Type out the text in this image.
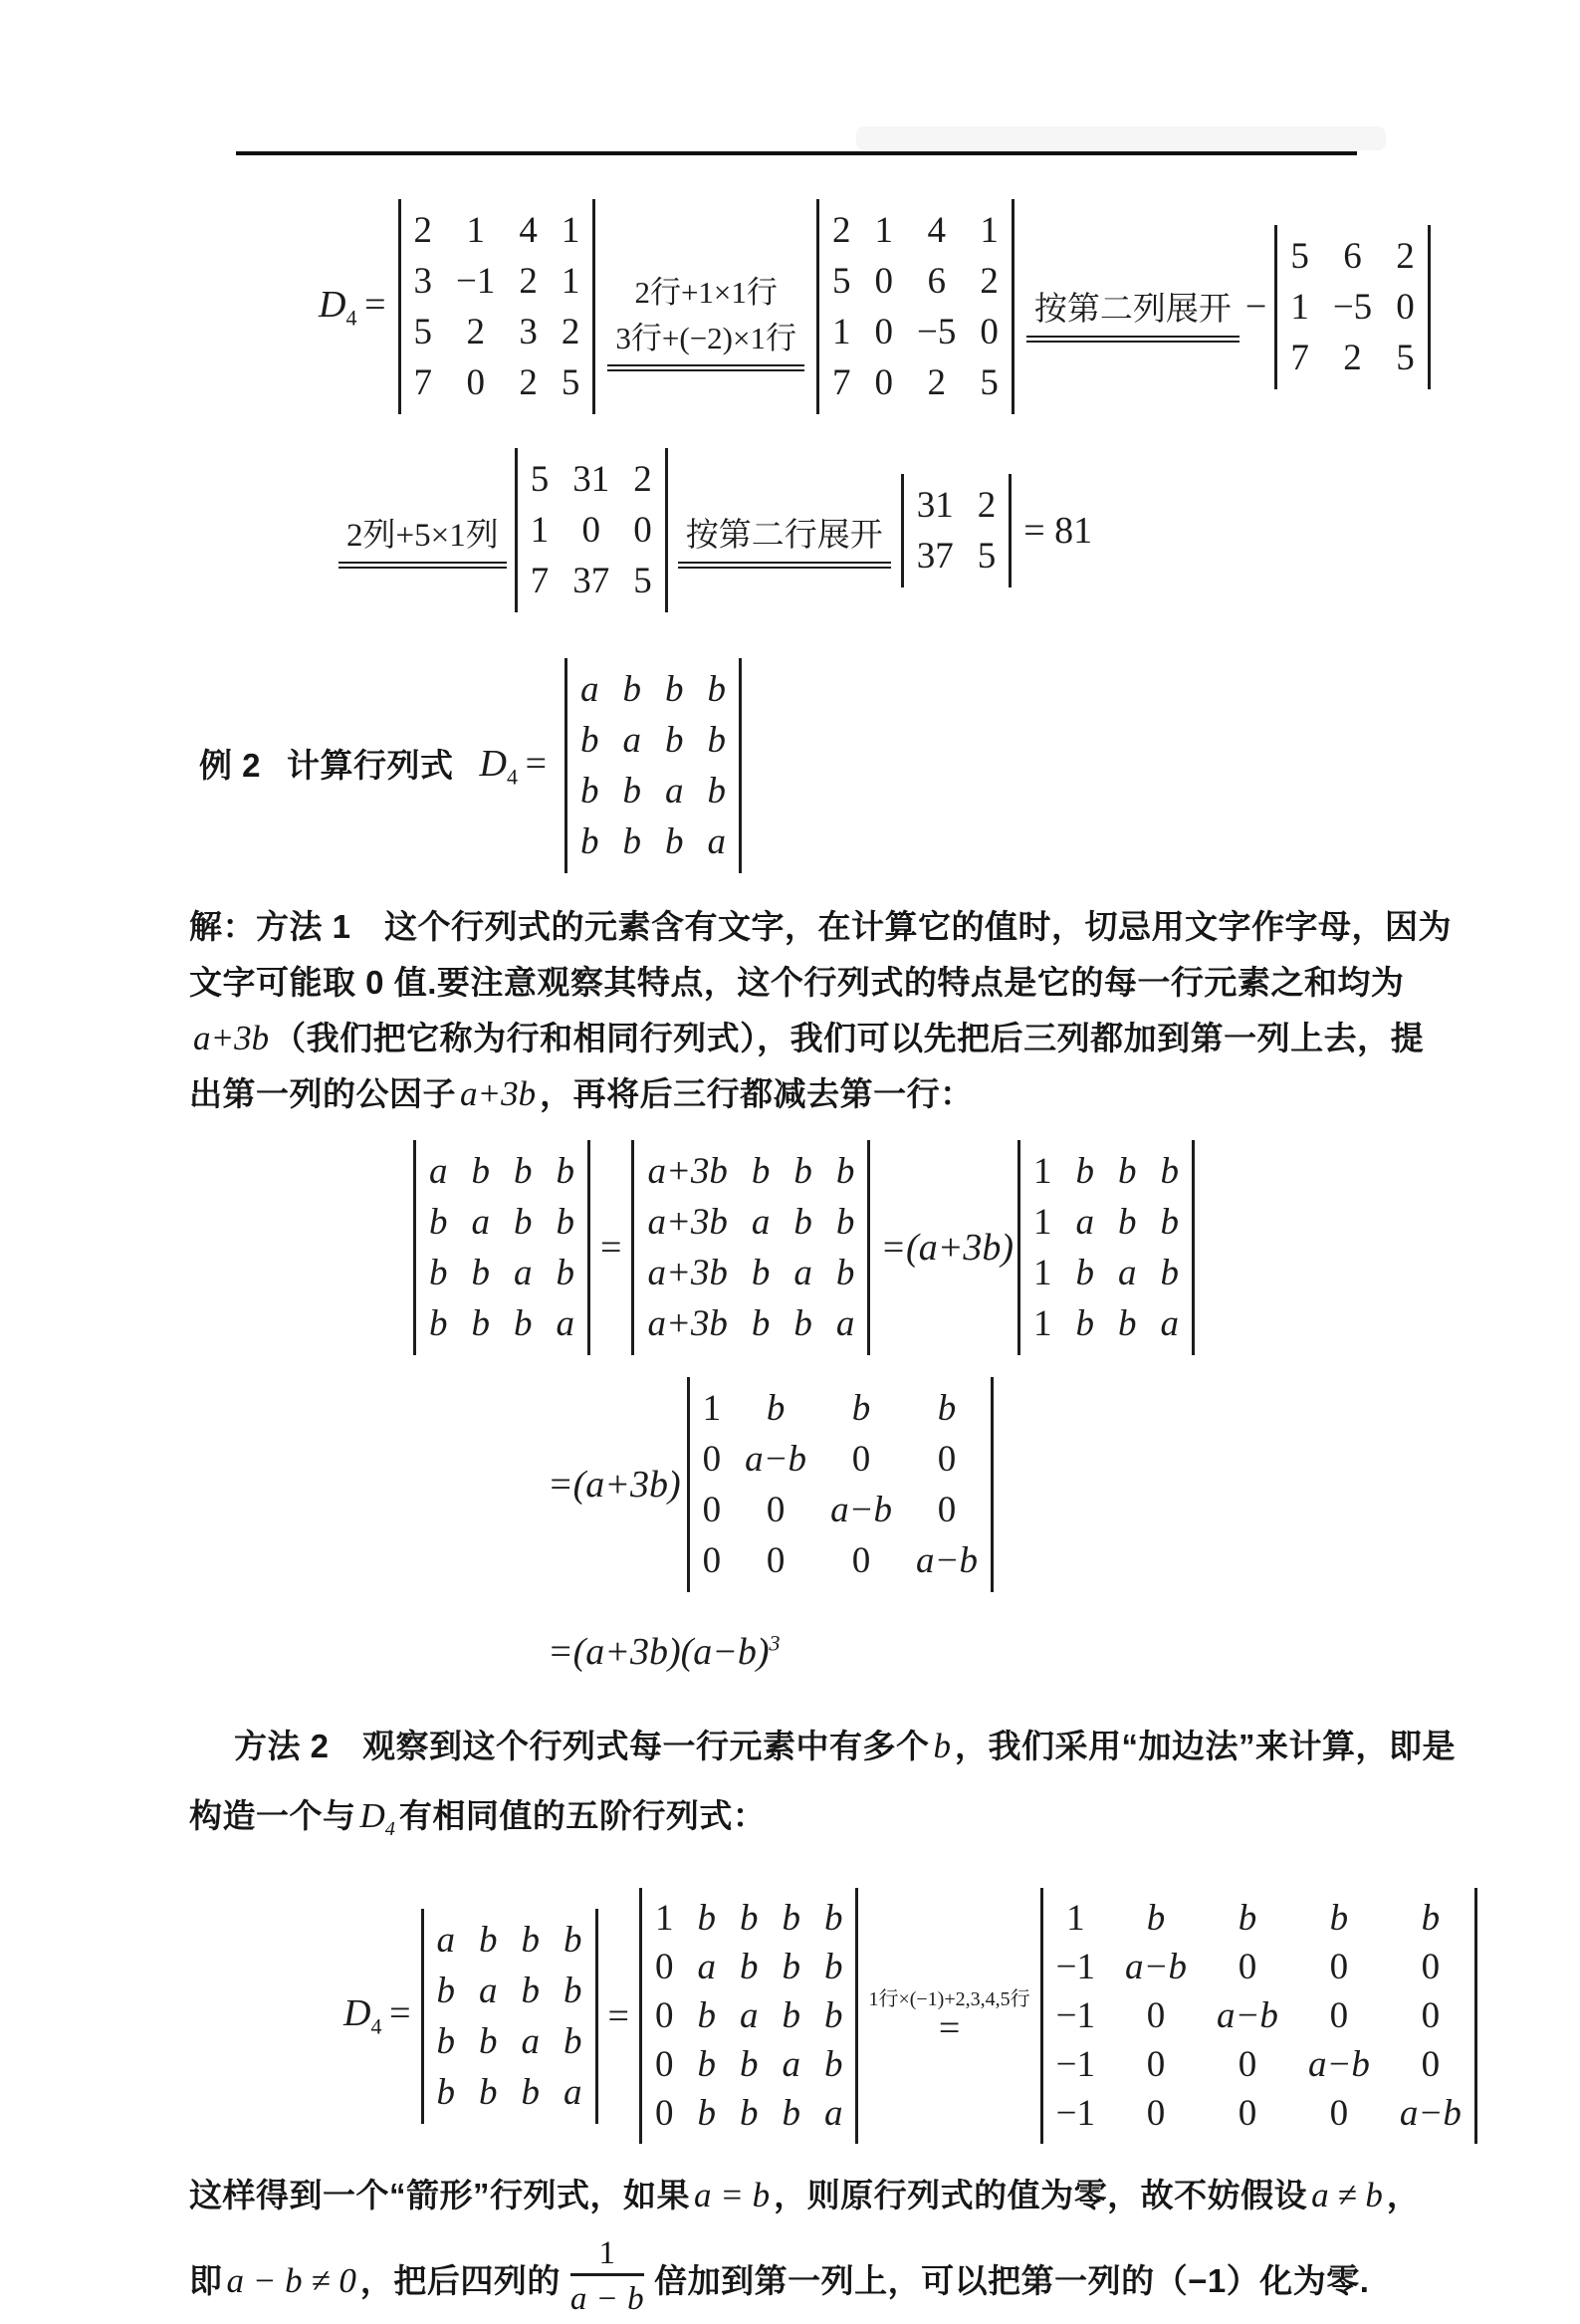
$D_4$  =
2 1 4 1
3 −1 2 1
5 2 3 2
7 0 2 5
2行+1×1行
3行+(−2)×1行
2 1 4 1
5 0 6 2
1 0 −5 0
7 0 2 5
按第二列展开 −
5 6 2
1 −5 0
7 2 5
2列+5×1列
5 31 2
1 0 0
7 37 5
按第二行展开
31 2
37 5
= 81

例 2 计算行列式 $D_4$  =
a b b b
b a b b
b b a b
b b b a

解：方法 1　这个行列式的元素含有文字，在计算它的值时，切忌用文字作字母，因为

文字可能取 0 值.要注意观察其特点，这个行列式的特点是它的每一行元素之和均为

a+3b （我们把它称为行和相同行列式），我们可以先把后三列都加到第一列上去，提

出第一列的公因子 a+3b ，再将后三行都减去第一行：

a b b b
b a b b
b b a b
b b b a
=
a+3b b b b
a+3b a b b
a+3b b a b
a+3b b b a
=(a+3b)
1 b b b
1 a b b
1 b a b
1 b b a
=(a+3b)
1 b b b
0 a−b 0 0
0 0 a−b 0
0 0 0 a−b
$=(a+3b)(a-b)^3$

方法 2　观察到这个行列式每一行元素中有多个 b ，我们采用“加边法”来计算，即是

构造一个与 $D_4$ 有相同值的五阶行列式：

$D_4$  =
a b b b
b a b b
b b a b
b b b a
=
1 b b b b
0 a b b b
0 b a b b
0 b b a b
0 b b b a
1行×(−1)+2,3,4,5行
=
1 b b b b
−1 a−b 0 0 0
−1 0 a−b 0 0
−1 0 0 a−b 0
−1 0 0 0 a−b

这样得到一个“箭形”行列式，如果 a = b ，则原行列式的值为零，故不妨假设 a ≠ b ，

即 a − b ≠ 0 ，把后四列的
1
a − b
倍加到第一列上，可以把第一列的（−1）化为零.
